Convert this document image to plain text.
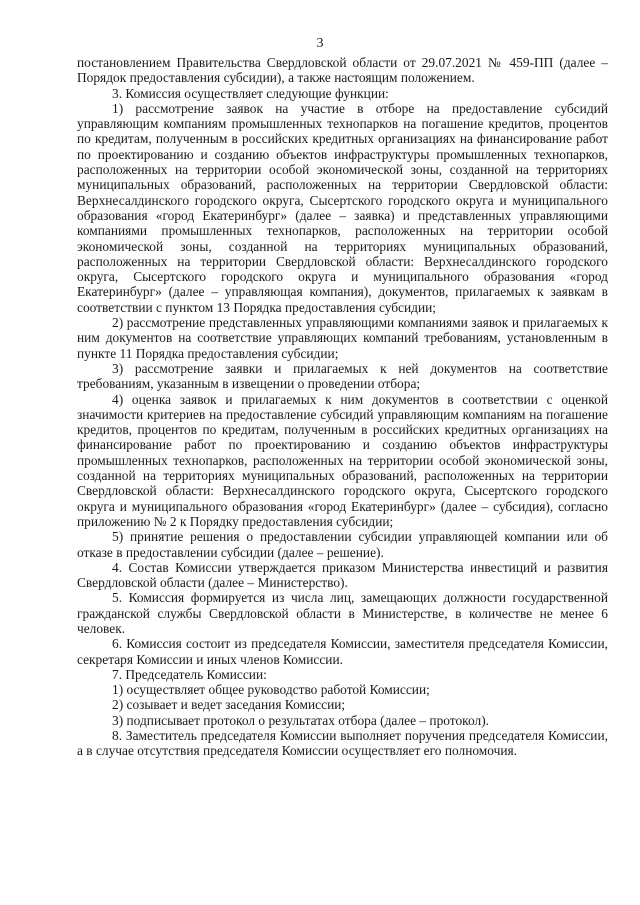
3

постановлением Правительства Свердловской области от 29.07.2021 № 459-ПП (далее – Порядок предоставления субсидии), а также настоящим положением.

3. Комиссия осуществляет следующие функции:

1) рассмотрение заявок на участие в отборе на предоставление субсидий управляющим компаниям промышленных технопарков на погашение кредитов, процентов по кредитам, полученным в российских кредитных организациях на финансирование работ по проектированию и созданию объектов инфраструктуры промышленных технопарков, расположенных на территории особой экономической зоны, созданной на территориях муниципальных образований, расположенных на территории Свердловской области: Верхнесалдинского городского округа, Сысертского городского округа и муниципального образования «город Екатеринбург» (далее – заявка) и представленных управляющими компаниями промышленных технопарков, расположенных на территории особой экономической зоны, созданной на территориях муниципальных образований, расположенных на территории Свердловской области: Верхнесалдинского городского округа, Сысертского городского округа и муниципального образования «город Екатеринбург» (далее – управляющая компания), документов, прилагаемых к заявкам в соответствии с пунктом 13 Порядка предоставления субсидии;

2) рассмотрение представленных управляющими компаниями заявок и прилагаемых к ним документов на соответствие управляющих компаний требованиям, установленным в пункте 11 Порядка предоставления субсидии;

3) рассмотрение заявки и прилагаемых к ней документов на соответствие требованиям, указанным в извещении о проведении отбора;

4) оценка заявок и прилагаемых к ним документов в соответствии с оценкой значимости критериев на предоставление субсидий управляющим компаниям на погашение кредитов, процентов по кредитам, полученным в российских кредитных организациях на финансирование работ по проектированию и созданию объектов инфраструктуры промышленных технопарков, расположенных на территории особой экономической зоны, созданной на территориях муниципальных образований, расположенных на территории Свердловской области: Верхнесалдинского городского округа, Сысертского городского округа и муниципального образования «город Екатеринбург» (далее – субсидия), согласно приложению № 2 к Порядку предоставления субсидии;

5) принятие решения о предоставлении субсидии управляющей компании или об отказе в предоставлении субсидии (далее – решение).

4. Состав Комиссии утверждается приказом Министерства инвестиций и развития Свердловской области (далее – Министерство).

5. Комиссия формируется из числа лиц, замещающих должности государственной гражданской службы Свердловской области в Министерстве, в количестве не менее 6 человек.

6. Комиссия состоит из председателя Комиссии, заместителя председателя Комиссии, секретаря Комиссии и иных членов Комиссии.

7. Председатель Комиссии:

1) осуществляет общее руководство работой Комиссии;

2) созывает и ведет заседания Комиссии;

3) подписывает протокол о результатах отбора (далее – протокол).

8. Заместитель председателя Комиссии выполняет поручения председателя Комиссии, а в случае отсутствия председателя Комиссии осуществляет его полномочия.
